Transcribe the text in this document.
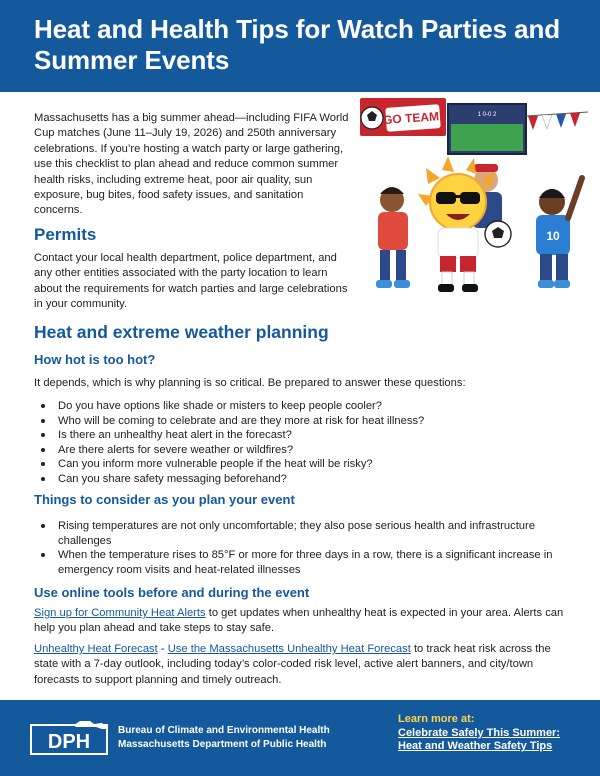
Heat and Health Tips for Watch Parties and Summer Events

Massachusetts has a big summer ahead—including FIFA World Cup matches (June 11–July 19, 2026) and 250th anniversary celebrations. If you’re hosting a watch party or large gathering, use this checklist to plan ahead and reduce common summer health risks, including extreme heat, poor air quality, sun exposure, bug bites, food safety issues, and sanitation concerns.

GO TEAM!	1 0-0 2
10
Permits

Contact your local health department, police department, and any other entities associated with the party location to learn about the requirements for watch parties and large celebrations in your community.

Heat and extreme weather planning
How hot is too hot?

It depends, which is why planning is so critical. Be prepared to answer these questions:

Do you have options like shade or misters to keep people cooler?
Who will be coming to celebrate and are they more at risk for heat illness?
Is there an unhealthy heat alert in the forecast?
Are there alerts for severe weather or wildfires?
Can you inform more vulnerable people if the heat will be risky?
Can you share safety messaging beforehand?
Things to consider as you plan your event
Rising temperatures are not only uncomfortable; they also pose serious health and infrastructure challenges
When the temperature rises to 85°F or more for three days in a row, there is a significant increase in emergency room visits and heat-related illnesses
Use online tools before and during the event

Sign up for Community Heat Alerts to get updates when unhealthy heat is expected in your area. Alerts can help you plan ahead and take steps to stay safe.

Unhealthy Heat Forecast - Use the Massachusetts Unhealthy Heat Forecast to track heat risk across the state with a 7-day outlook, including today’s color-coded risk level, active alert banners, and city/town forecasts to support planning and timely outreach.

DPH
Bureau of Climate and Environmental Health
Massachusetts Department of Public Health
Learn more at:
Celebrate Safely This Summer:
Heat and Weather Safety Tips
